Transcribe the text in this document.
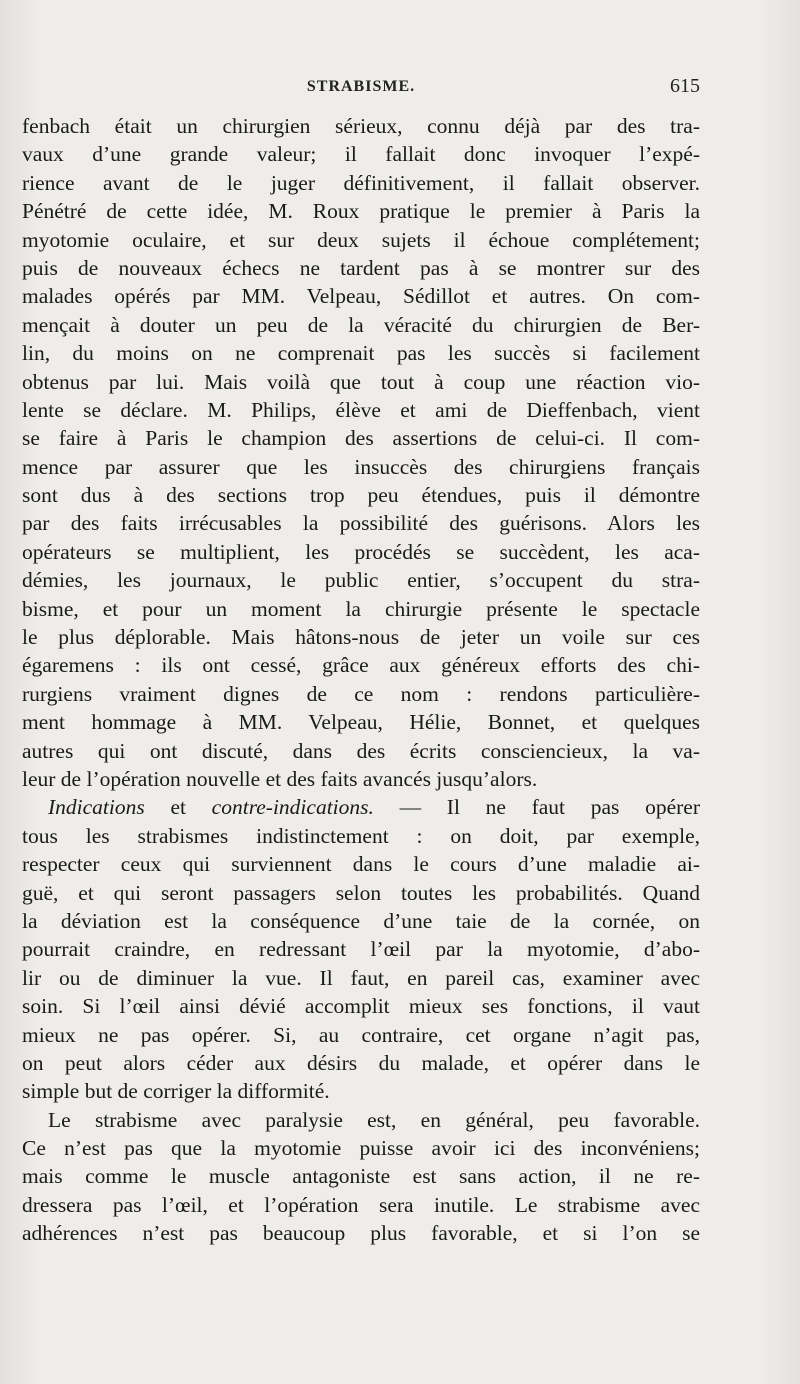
STRABISME.	615
fenbach était un chirurgien sérieux, connu déjà par des tra-
vaux d’une grande valeur; il fallait donc invoquer l’expé-
rience avant de le juger définitivement, il fallait observer.
Pénétré de cette idée, M. Roux pratique le premier à Paris la
myotomie oculaire, et sur deux sujets il échoue complétement;
puis de nouveaux échecs ne tardent pas à se montrer sur des
malades opérés par MM. Velpeau, Sédillot et autres. On com-
mençait à douter un peu de la véracité du chirurgien de Ber-
lin, du moins on ne comprenait pas les succès si facilement
obtenus par lui. Mais voilà que tout à coup une réaction vio-
lente se déclare. M. Philips, élève et ami de Dieffenbach, vient
se faire à Paris le champion des assertions de celui-ci. Il com-
mence par assurer que les insuccès des chirurgiens français
sont dus à des sections trop peu étendues, puis il démontre
par des faits irrécusables la possibilité des guérisons. Alors les
opérateurs se multiplient, les procédés se succèdent, les aca-
démies, les journaux, le public entier, s’occupent du stra-
bisme, et pour un moment la chirurgie présente le spectacle
le plus déplorable. Mais hâtons-nous de jeter un voile sur ces
égaremens : ils ont cessé, grâce aux généreux efforts des chi-
rurgiens vraiment dignes de ce nom : rendons particulière-
ment hommage à MM. Velpeau, Hélie, Bonnet, et quelques
autres qui ont discuté, dans des écrits consciencieux, la va-
leur de l’opération nouvelle et des faits avancés jusqu’alors.
Indications et contre-indications. — Il ne faut pas opérer
tous les strabismes indistinctement : on doit, par exemple,
respecter ceux qui surviennent dans le cours d’une maladie ai-
guë, et qui seront passagers selon toutes les probabilités. Quand
la déviation est la conséquence d’une taie de la cornée, on
pourrait craindre, en redressant l’œil par la myotomie, d’abo-
lir ou de diminuer la vue. Il faut, en pareil cas, examiner avec
soin. Si l’œil ainsi dévié accomplit mieux ses fonctions, il vaut
mieux ne pas opérer. Si, au contraire, cet organe n’agit pas,
on peut alors céder aux désirs du malade, et opérer dans le
simple but de corriger la difformité.
Le strabisme avec paralysie est, en général, peu favorable.
Ce n’est pas que la myotomie puisse avoir ici des inconvéniens;
mais comme le muscle antagoniste est sans action, il ne re-
dressera pas l’œil, et l’opération sera inutile. Le strabisme avec
adhérences n’est pas beaucoup plus favorable, et si l’on se
